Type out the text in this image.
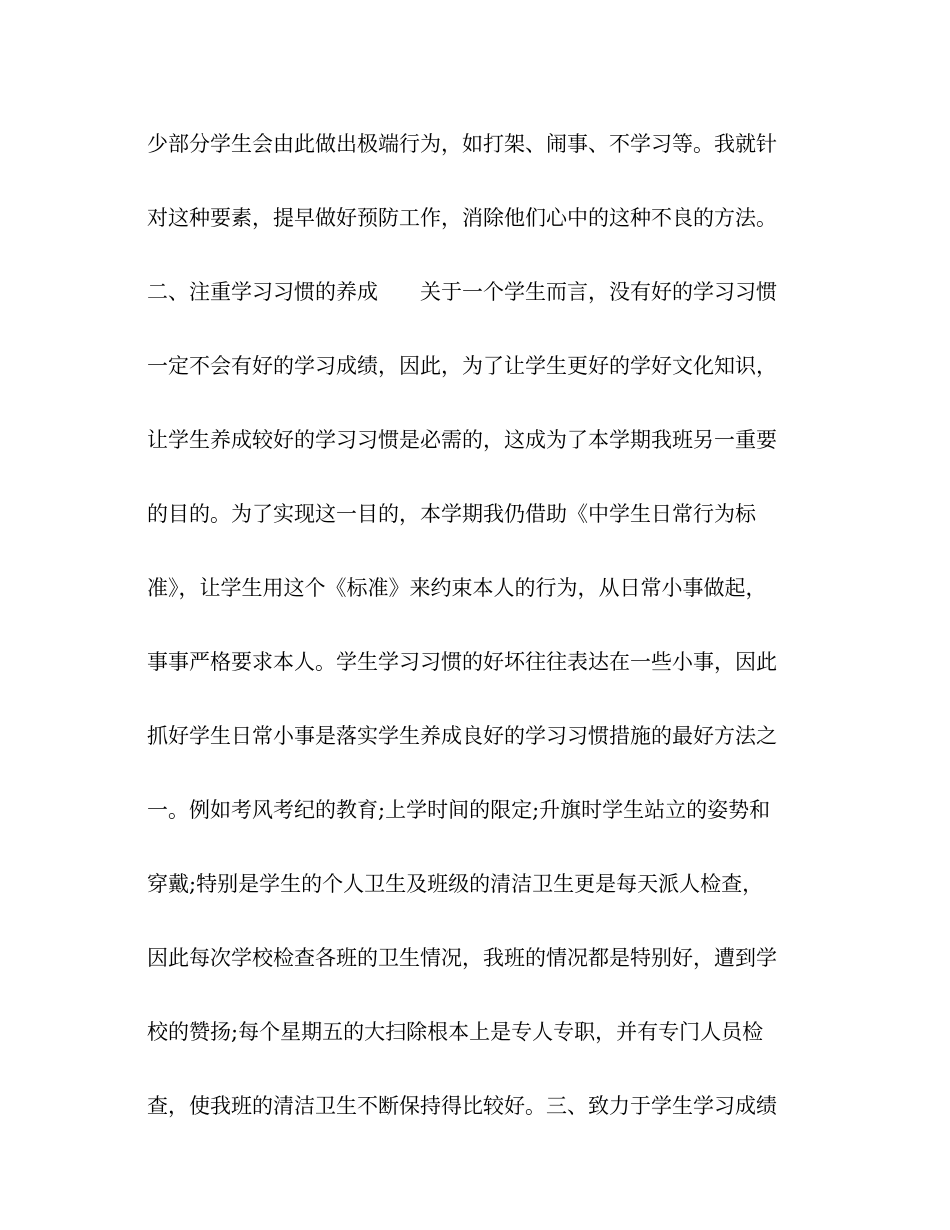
少部分学生会由此做出极端行为，如打架、闹事、不学习等。我就针
对这种要素，提早做好预防工作，消除他们心中的这种不良的方法。
二、注重学习习惯的养成　　关于一个学生而言，没有好的学习习惯
一定不会有好的学习成绩，因此，为了让学生更好的学好文化知识，
让学生养成较好的学习习惯是必需的，这成为了本学期我班另一重要
的目的。为了实现这一目的，本学期我仍借助《中学生日常行为标
准》，让学生用这个《标准》来约束本人的行为，从日常小事做起，
事事严格要求本人。学生学习习惯的好坏往往表达在一些小事，因此
抓好学生日常小事是落实学生养成良好的学习习惯措施的最好方法之
一。例如考风考纪的教育;上学时间的限定;升旗时学生站立的姿势和
穿戴;特别是学生的个人卫生及班级的清洁卫生更是每天派人检查，
因此每次学校检查各班的卫生情况，我班的情况都是特别好，遭到学
校的赞扬;每个星期五的大扫除根本上是专人专职，并有专门人员检
查，使我班的清洁卫生不断保持得比较好。三、致力于学生学习成绩
